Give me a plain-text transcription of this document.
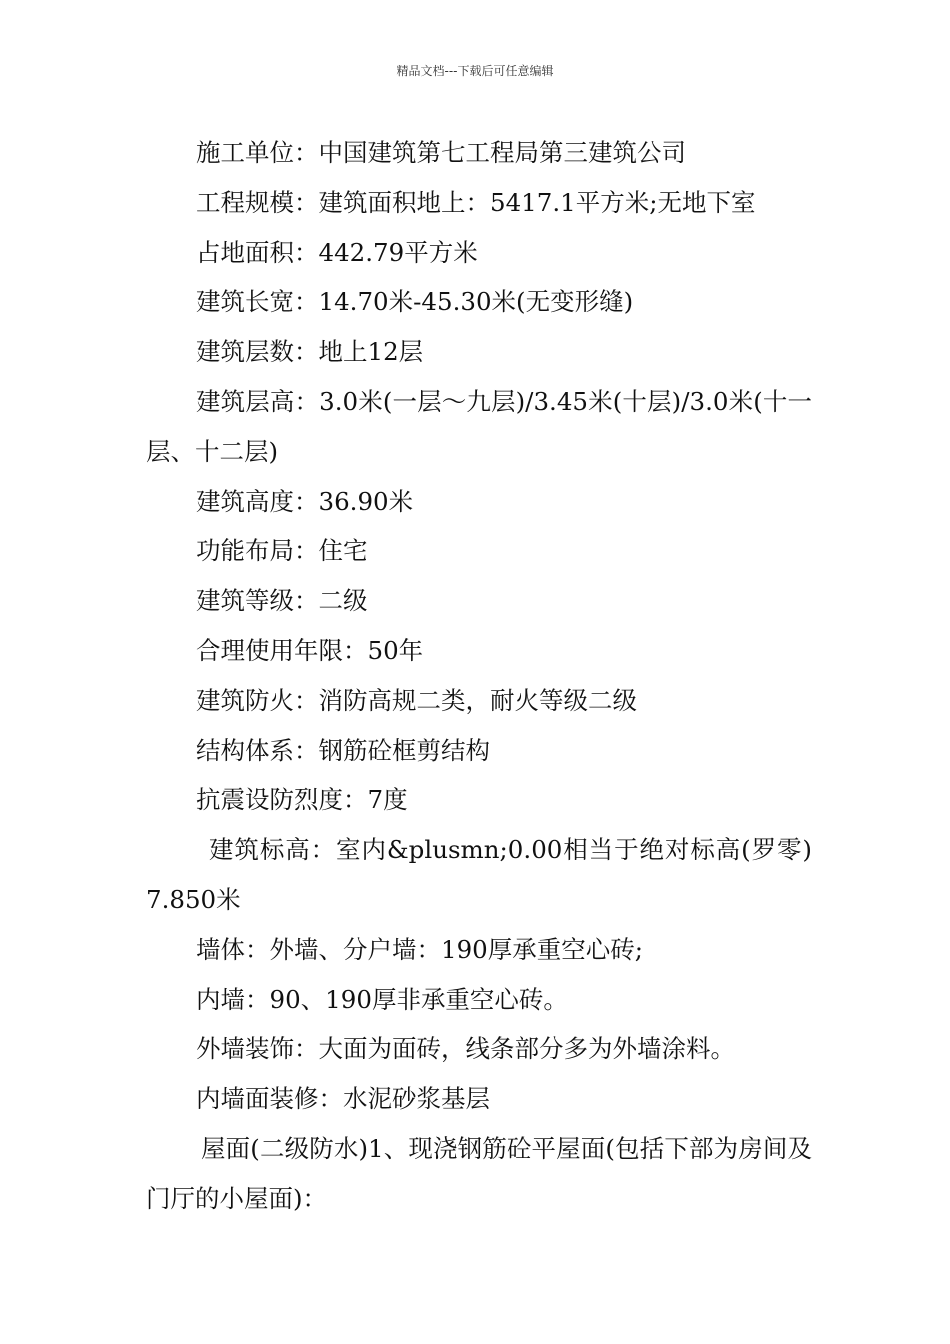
精品文档---下载后可任意编辑

施工单位：中国建筑第七工程局第三建筑公司

工程规模：建筑面积地上：5417.1平方米;无地下室

占地面积：442.79平方米

建筑长宽：14.70米-45.30米(无变形缝)

建筑层数：地上12层

建筑层高：3.0米(一层～九层)/3.45米(十层)/3.0米(十一层、十二层)

建筑高度：36.90米

功能布局：住宅

建筑等级：二级

合理使用年限：50年

建筑防火：消防高规二类，耐火等级二级

结构体系：钢筋砼框剪结构

抗震设防烈度：7度

建筑标高：室内&plusmn;0.00相当于绝对标高(罗零)7.850米

墙体：外墙、分户墙：190厚承重空心砖;

内墙：90、190厚非承重空心砖。

外墙装饰：大面为面砖，线条部分多为外墙涂料。

内墙面装修：水泥砂浆基层

屋面(二级防水)1、现浇钢筋砼平屋面(包括下部为房间及门厅的小屋面)：
